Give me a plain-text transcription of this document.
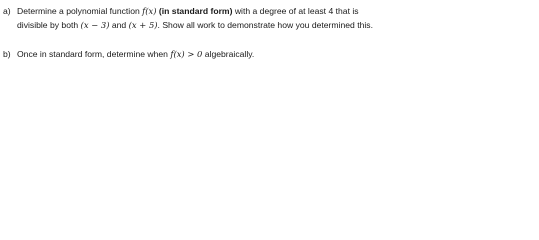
a) Determine a polynomial function f(x) (in standard form) with a degree of at least 4 that is
divisible by both (x − 3) and (x + 5). Show all work to demonstrate how you determined this.
b) Once in standard form, determine when f(x) > 0 algebraically.
